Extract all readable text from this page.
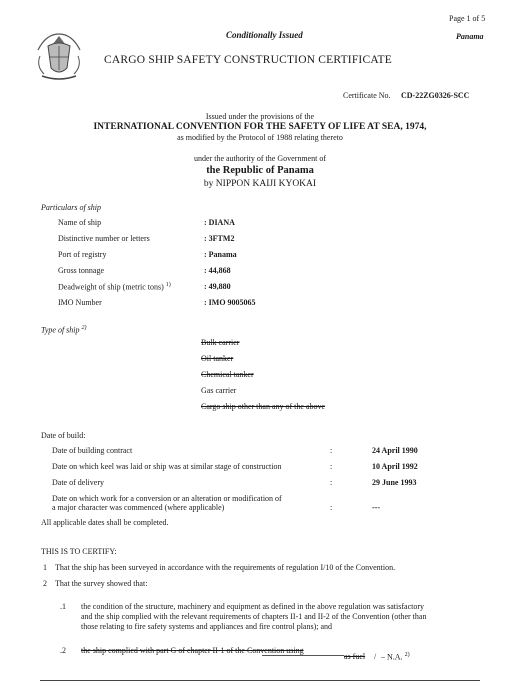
Page 1 of 5
Conditionally Issued	Panama
CARGO SHIP SAFETY CONSTRUCTION CERTIFICATE
Certificate No. CD-22ZG0326-SCC
Issued under the provisions of the
INTERNATIONAL CONVENTION FOR THE SAFETY OF LIFE AT SEA, 1974,
as modified by the Protocol of 1988 relating thereto
under the authority of the Government of
the Republic of Panama
by NIPPON KAIJI KYOKAI
Particulars of ship
Name of ship	: DIANA
Distinctive number or letters	: 3FTM2
Port of registry	: Panama
Gross tonnage	: 44,868
Deadweight of ship (metric tons) $^{1)}$	: 49,880
IMO Number	: IMO 9005065
Type of ship $^{2)}$
Bulk carrier
Oil tanker
Chemical tanker
Gas carrier
Cargo ship other than any of the above
Date of build:
Date of building contract	:	24 April 1990
Date on which keel was laid or ship was at similar stage of construction	:	10 April 1992
Date of delivery	:	29 June 1993
Date on which work for a conversion or an alteration or modification of
a major character was commenced (where applicable)	:	---
All applicable dates shall be completed.
THIS IS TO CERTIFY:
1 That the ship has been surveyed in accordance with the requirements of regulation I/10 of the Convention.
2 That the survey showed that:
.1 the condition of the structure, machinery and equipment as defined in the above regulation was satisfactory
and the ship complied with the relevant requirements of chapters II-1 and II-2 of the Convention (other than
those relating to fire safety systems and appliances and fire control plans); and
.2 the ship complied with part G of chapter II-1 of the Convention using
as fuel / – N.A. $^{2)}$
